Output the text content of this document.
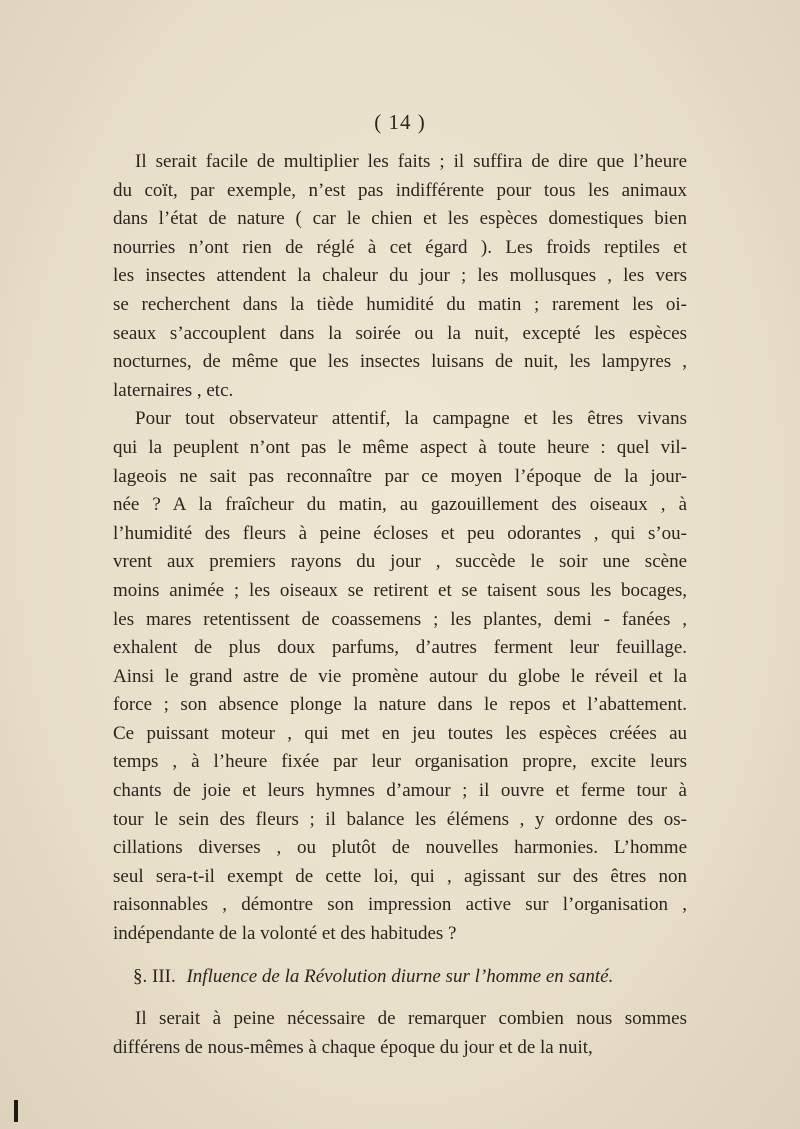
( 14 )
Il serait facile de multiplier les faits ; il suffira de dire que l’heure
du coït, par exemple, n’est pas indifférente pour tous les animaux
dans l’état de nature ( car le chien et les espèces domestiques bien
nourries n’ont rien de réglé à cet égard ). Les froids reptiles et
les insectes attendent la chaleur du jour ; les mollusques , les vers
se recherchent dans la tiède humidité du matin ; rarement les oi-
seaux s’accouplent dans la soirée ou la nuit, excepté les espèces
nocturnes, de même que les insectes luisans de nuit, les lampyres ,
laternaires , etc.
Pour tout observateur attentif, la campagne et les êtres vivans
qui la peuplent n’ont pas le même aspect à toute heure : quel vil-
lageois ne sait pas reconnaître par ce moyen l’époque de la jour-
née ? A la fraîcheur du matin, au gazouillement des oiseaux , à
l’humidité des fleurs à peine écloses et peu odorantes , qui s’ou-
vrent aux premiers rayons du jour , succède le soir une scène
moins animée ; les oiseaux se retirent et se taisent sous les bocages,
les mares retentissent de coassemens ; les plantes, demi - fanées ,
exhalent de plus doux parfums, d’autres ferment leur feuillage.
Ainsi le grand astre de vie promène autour du globe le réveil et la
force ; son absence plonge la nature dans le repos et l’abattement.
Ce puissant moteur , qui met en jeu toutes les espèces créées au
temps , à l’heure fixée par leur organisation propre, excite leurs
chants de joie et leurs hymnes d’amour ; il ouvre et ferme tour à
tour le sein des fleurs ; il balance les élémens , y ordonne des os-
cillations diverses , ou plutôt de nouvelles harmonies. L’homme
seul sera-t-il exempt de cette loi, qui , agissant sur des êtres non
raisonnables , démontre son impression active sur l’organisation ,
indépendante de la volonté et des habitudes ?
§. III. Influence de la Révolution diurne sur l’homme en santé.
Il serait à peine nécessaire de remarquer combien nous sommes
différens de nous-mêmes à chaque époque du jour et de la nuit,
